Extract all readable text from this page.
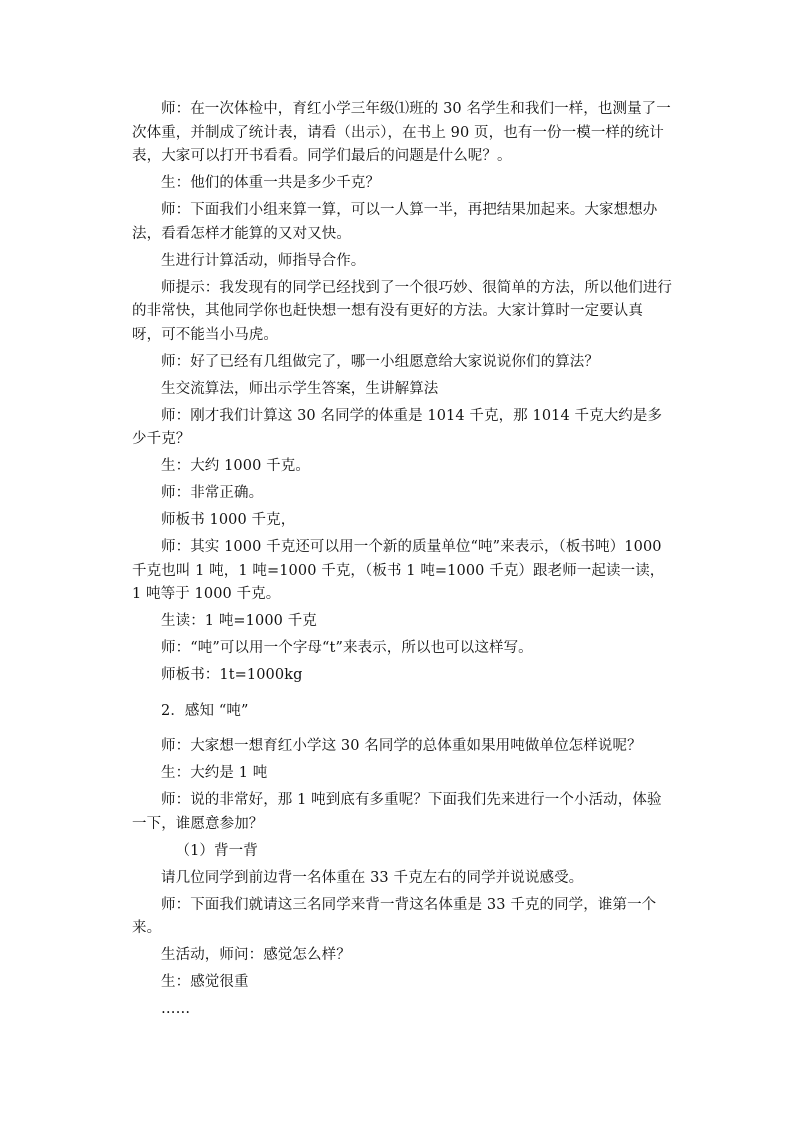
师：在一次体检中，育红小学三年级⑴班的 30 名学生和我们一样，也测量了一次体重，并制成了统计表，请看（出示），在书上 90 页，也有一份一模一样的统计表，大家可以打开书看看。同学们最后的问题是什么呢？。

生：他们的体重一共是多少千克？

师：下面我们小组来算一算，可以一人算一半，再把结果加起来。大家想想办法，看看怎样才能算的又对又快。

生进行计算活动，师指导合作。

师提示：我发现有的同学已经找到了一个很巧妙、很简单的方法，所以他们进行的非常快，其他同学你也赶快想一想有没有更好的方法。大家计算时一定要认真呀，可不能当小马虎。

师：好了已经有几组做完了，哪一小组愿意给大家说说你们的算法？

生交流算法，师出示学生答案，生讲解算法

师：刚才我们计算这 30 名同学的体重是 1014 千克，那 1014 千克大约是多少千克？

生：大约 1000 千克。

师：非常正确。

师板书 1000 千克，

师：其实 1000 千克还可以用一个新的质量单位“吨”来表示，（板书吨）1000 千克也叫 1 吨，1 吨=1000 千克，（板书 1 吨=1000 千克）跟老师一起读一读，1 吨等于 1000 千克。

生读：1 吨=1000 千克

师：“吨”可以用一个字母“t”来表示，所以也可以这样写。

师板书：1t=1000kg

2．感知 “吨”

师：大家想一想育红小学这 30 名同学的总体重如果用吨做单位怎样说呢？

生：大约是 1 吨

师：说的非常好，那 1 吨到底有多重呢？下面我们先来进行一个小活动，体验一下，谁愿意参加？

（1）背一背

请几位同学到前边背一名体重在 33 千克左右的同学并说说感受。

师：下面我们就请这三名同学来背一背这名体重是 33 千克的同学，谁第一个来。

生活动，师问：感觉怎么样？

生：感觉很重

……
